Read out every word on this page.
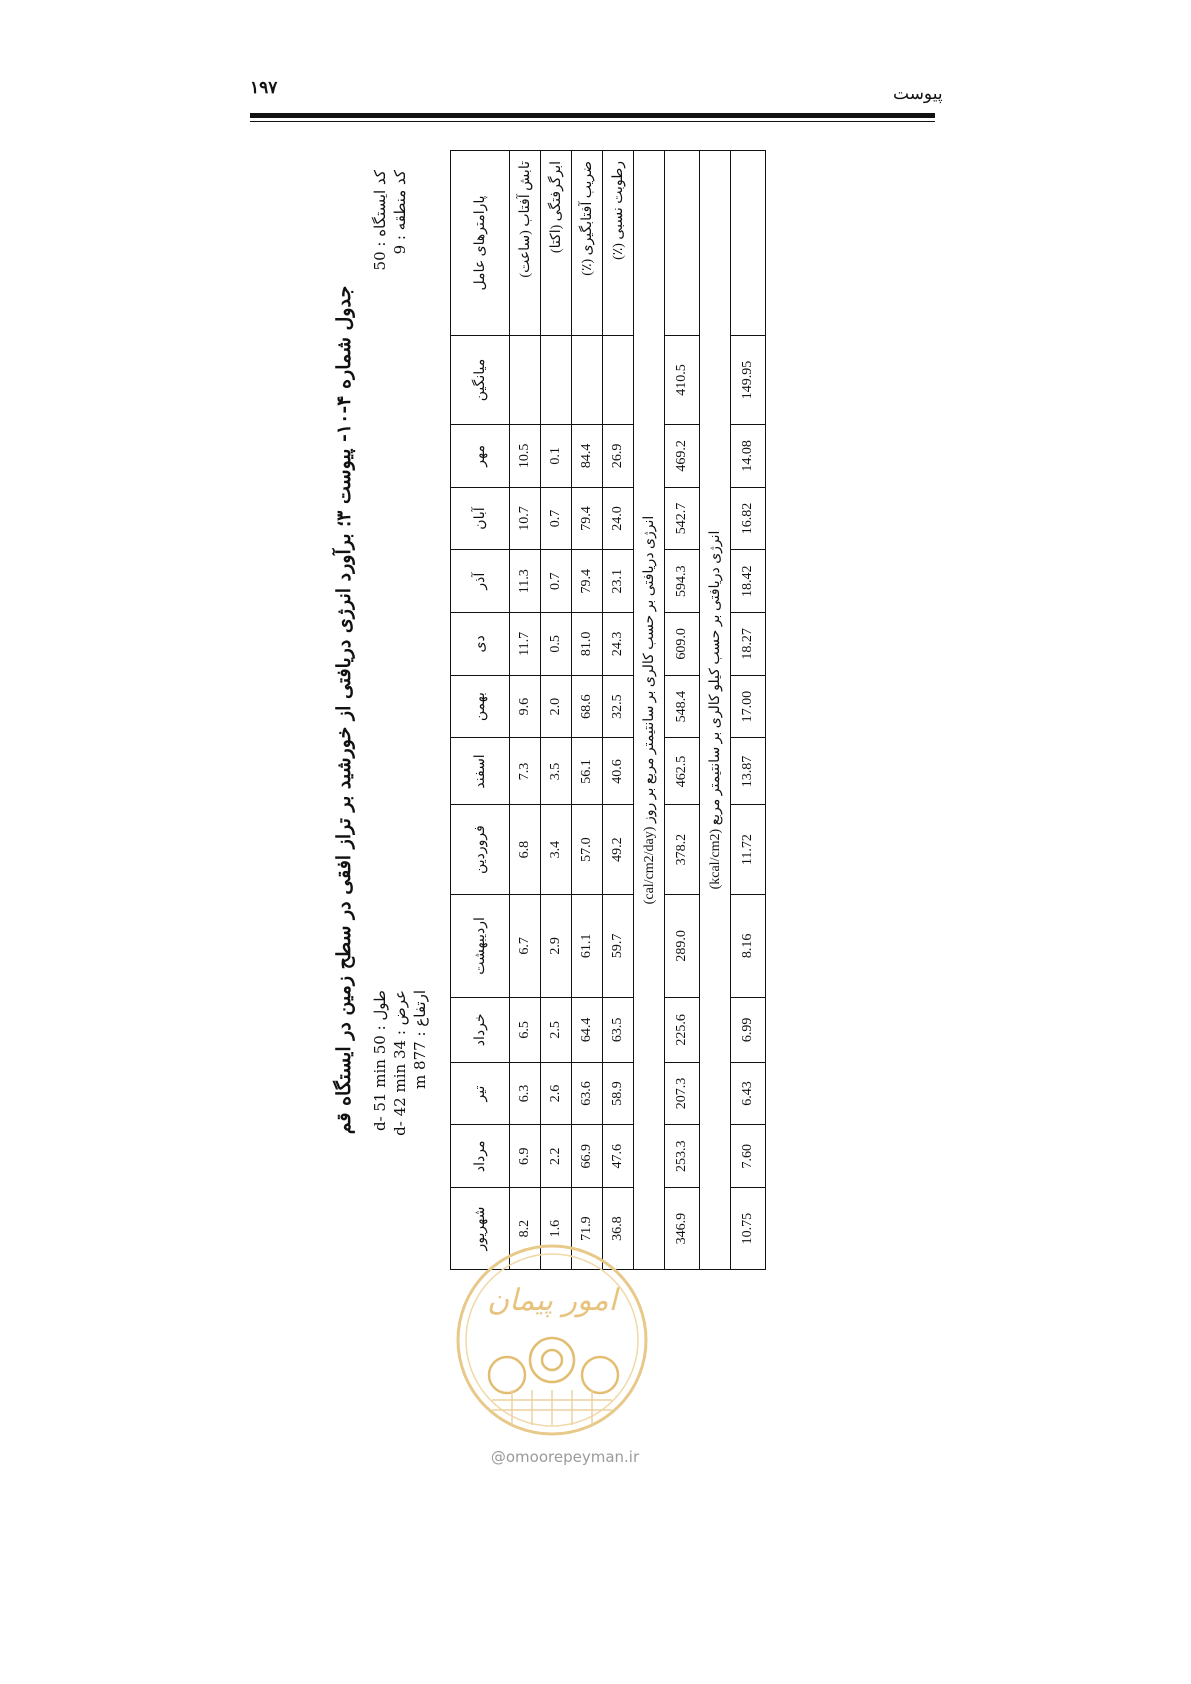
۱۹۷	پیوست
جدول شماره ۴-۱۰- پیوست ۳؛ برآورد انرژی دریافتی از خورشید بر تراز افقی در سطح زمین در ایستگاه قم
کد ایستگاه : 50 کد منطقه : 9
طول : 50 d- 51 min
عرض : 34 d- 42 min
ارتفاع : 877 m
پارامترهای عامل	میانگین	مهر	آبان	آذر	دی	بهمن	اسفند	فروردین	اردیبهشت	خرداد	تیر	مرداد	شهریور
تابش آفتاب (ساعت)		10.5	10.7	11.3	11.7	9.6	7.3	6.8	6.7	6.5	6.3	6.9	8.2
ابرگرفتگی (اکتا)		0.1	0.7	0.7	0.5	2.0	3.5	3.4	2.9	2.5	2.6	2.2	1.6
ضریب آفتابگیری (٪)		84.4	79.4	79.4	81.0	68.6	56.1	57.0	61.1	64.4	63.6	66.9	71.9
رطوبت نسبی (٪)		26.9	24.0	23.1	24.3	32.5	40.6	49.2	59.7	63.5	58.9	47.6	36.8
انرژی دریافتی بر حسب کالری بر سانتیمتر مربع بر روز (cal/cm2/day)													
	410.5	469.2	542.7	594.3	609.0	548.4	462.5	378.2	289.0	225.6	207.3	253.3	346.9
انرژی دریافتی بر حسب کیلو کالری بر سانتیمتر مربع (kcal/cm2)													
	149.95	14.08	16.82	18.42	18.27	17.00	13.87	11.72	8.16	6.99	6.43	7.60	10.75
امور پیمان
@omoorepeyman.ir
